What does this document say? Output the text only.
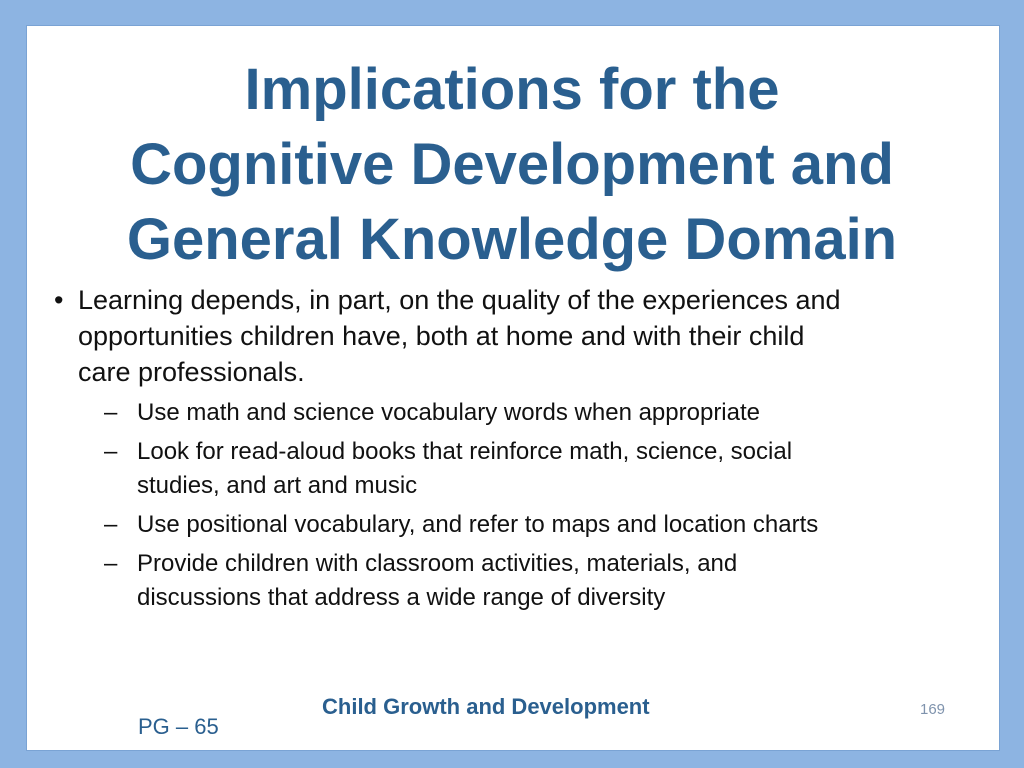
Implications for the
Cognitive Development and
General Knowledge Domain
• Learning depends, in part, on the quality of the experiences and
opportunities children have, both at home and with their child
care professionals.
– Use math and science vocabulary words when appropriate
– Look for read-aloud books that reinforce math, science, social
studies, and art and music
– Use positional vocabulary, and refer to maps and location charts
– Provide children with classroom activities, materials, and
discussions that address a wide range of diversity
Child Growth and Development	169
PG – 65
